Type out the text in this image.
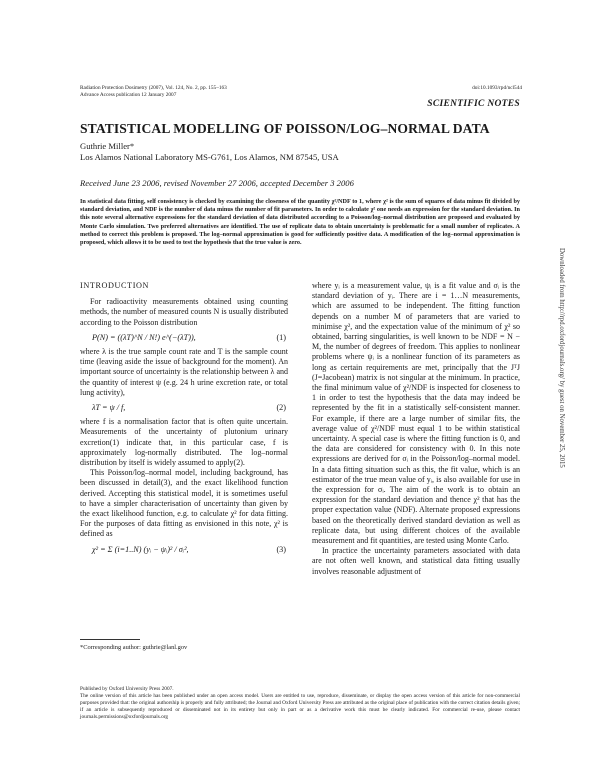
Radiation Protection Dosimetry (2007), Vol. 124, No. 2, pp. 155–163
Advance Access publication 12 January 2007
doi:10.1093/rpd/ncl544
SCIENTIFIC NOTES
STATISTICAL MODELLING OF POISSON/LOG–NORMAL DATA
Guthrie Miller*
Los Alamos National Laboratory MS-G761, Los Alamos, NM 87545, USA
Received June 23 2006, revised November 27 2006, accepted December 3 2006
In statistical data fitting, self consistency is checked by examining the closeness of the quantity χ²/NDF to 1, where χ² is the sum of squares of data minus fit divided by standard deviation, and NDF is the number of data minus the number of fit parameters. In order to calculate χ² one needs an expression for the standard deviation. In this note several alternative expressions for the standard deviation of data distributed according to a Poisson/log–normal distribution are proposed and evaluated by Monte Carlo simulation. Two preferred alternatives are identified. The use of replicate data to obtain uncertainty is problematic for a small number of replicates. A method to correct this problem is proposed. The log–normal approximation is good for sufficiently positive data. A modification of the log–normal approximation is proposed, which allows it to be used to test the hypothesis that the true value is zero.
INTRODUCTION

For radioactivity measurements obtained using counting methods, the number of measured counts N is usually distributed according to the Poisson distribution

P(N) = ((λT)^N / N!) e^(−(λT)),	(1)

where λ is the true sample count rate and T is the sample count time (leaving aside the issue of background for the moment). An important source of uncertainty is the relationship between λ and the quantity of interest ψ (e.g. 24 h urine excretion rate, or total lung activity),

λT = ψ / f,	(2)

where f is a normalisation factor that is often quite uncertain. Measurements of the uncertainty of plutonium urinary excretion(1) indicate that, in this particular case, f is approximately log-normally distributed. The log–normal distribution by itself is widely assumed to apply(2).

This Poisson/log–normal model, including background, has been discussed in detail(3), and the exact likelihood function derived. Accepting this statistical model, it is sometimes useful to have a simpler characterisation of uncertainty than given by the exact likelihood function, e.g. to calculate χ² for data fitting. For the purposes of data fitting as envisioned in this note, χ² is defined as

χ² = Σ (i=1..N) (yᵢ − ψᵢ)² / σᵢ²,	(3)

where yᵢ is a measurement value, ψᵢ is a fit value and σᵢ is the standard deviation of yᵢ. There are i = 1…N measurements, which are assumed to be independent. The fitting function depends on a number M of parameters that are varied to minimise χ², and the expectation value of the minimum of χ² so obtained, barring singularities, is well known to be NDF = N − M, the number of degrees of freedom. This applies to nonlinear problems where ψᵢ is a nonlinear function of its parameters as long as certain requirements are met, principally that the JᵀJ (J=Jacobean) matrix is not singular at the minimum. In practice, the final minimum value of χ²/NDF is inspected for closeness to 1 in order to test the hypothesis that the data may indeed be represented by the fit in a statistically self-consistent manner. For example, if there are a large number of similar fits, the average value of χ²/NDF must equal 1 to be within statistical uncertainty. A special case is where the fitting function is 0, and the data are considered for consistency with 0. In this note expressions are derived for σᵢ in the Poisson/log–normal model. In a data fitting situation such as this, the fit value, which is an estimator of the true mean value of yᵢ, is also available for use in the expression for σᵢ. The aim of the work is to obtain an expression for the standard deviation and thence χ² that has the proper expectation value (NDF). Alternate proposed expressions based on the theoretically derived standard deviation as well as replicate data, but using different choices of the available measurement and fit quantities, are tested using Monte Carlo.

In practice the uncertainty parameters associated with data are not often well known, and statistical data fitting usually involves reasonable adjustment of

*Corresponding author: guthrie@lanl.gov
Published by Oxford University Press 2007.
The online version of this article has been published under an open access model. Users are entitled to use, reproduce, disseminate, or display the open access version of this article for non-commercial purposes provided that: the original authorship is properly and fully attributed; the Journal and Oxford University Press are attributed as the original place of publication with the correct citation details given; if an article is subsequently reproduced or disseminated not in its entirety but only in part or as a derivative work this must be clearly indicated. For commercial re-use, please contact journals.permissions@oxfordjournals.org
Downloaded from http://rpd.oxfordjournals.org/ by guest on November 25, 2015
